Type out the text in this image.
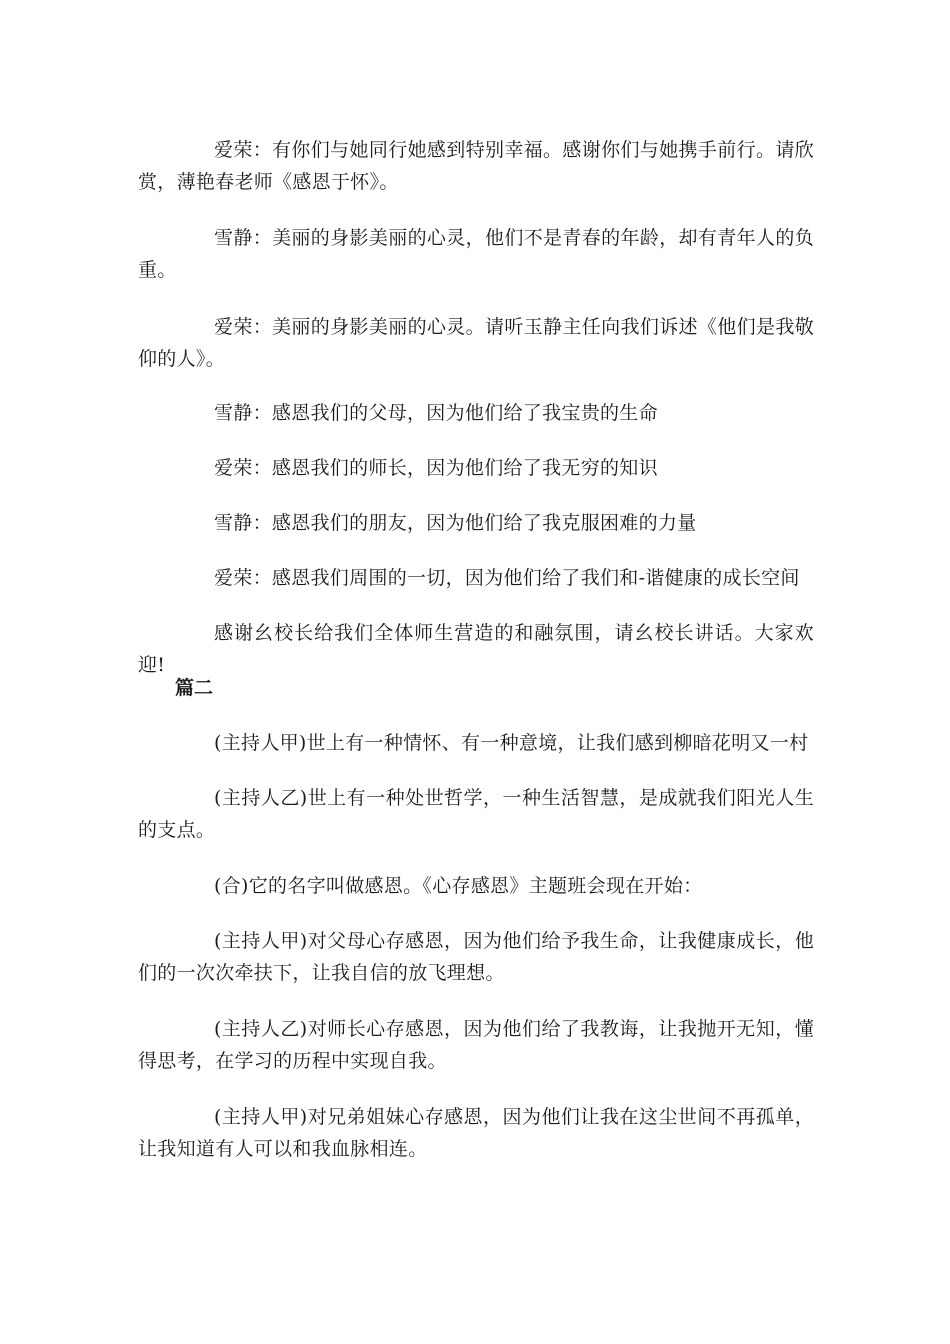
爱荣：有你们与她同行她感到特别幸福。感谢你们与她携手前行。请欣赏，薄艳春老师《感恩于怀》。

雪静：美丽的身影美丽的心灵，他们不是青春的年龄，却有青年人的负重。

爱荣：美丽的身影美丽的心灵。请听玉静主任向我们诉述《他们是我敬仰的人》。

雪静：感恩我们的父母，因为他们给了我宝贵的生命

爱荣：感恩我们的师长，因为他们给了我无穷的知识

雪静：感恩我们的朋友，因为他们给了我克服困难的力量

爱荣：感恩我们周围的一切，因为他们给了我们和-谐健康的成长空间

感谢幺校长给我们全体师生营造的和融氛围，请幺校长讲话。大家欢迎!

篇二

(主持人甲)世上有一种情怀、有一种意境，让我们感到柳暗花明又一村

(主持人乙)世上有一种处世哲学，一种生活智慧，是成就我们阳光人生的支点。

(合)它的名字叫做感恩。《心存感恩》主题班会现在开始：

(主持人甲)对父母心存感恩，因为他们给予我生命，让我健康成长，他们的一次次牵扶下，让我自信的放飞理想。

(主持人乙)对师长心存感恩，因为他们给了我教诲，让我抛开无知，懂得思考，在学习的历程中实现自我。

(主持人甲)对兄弟姐妹心存感恩，因为他们让我在这尘世间不再孤单，让我知道有人可以和我血脉相连。
